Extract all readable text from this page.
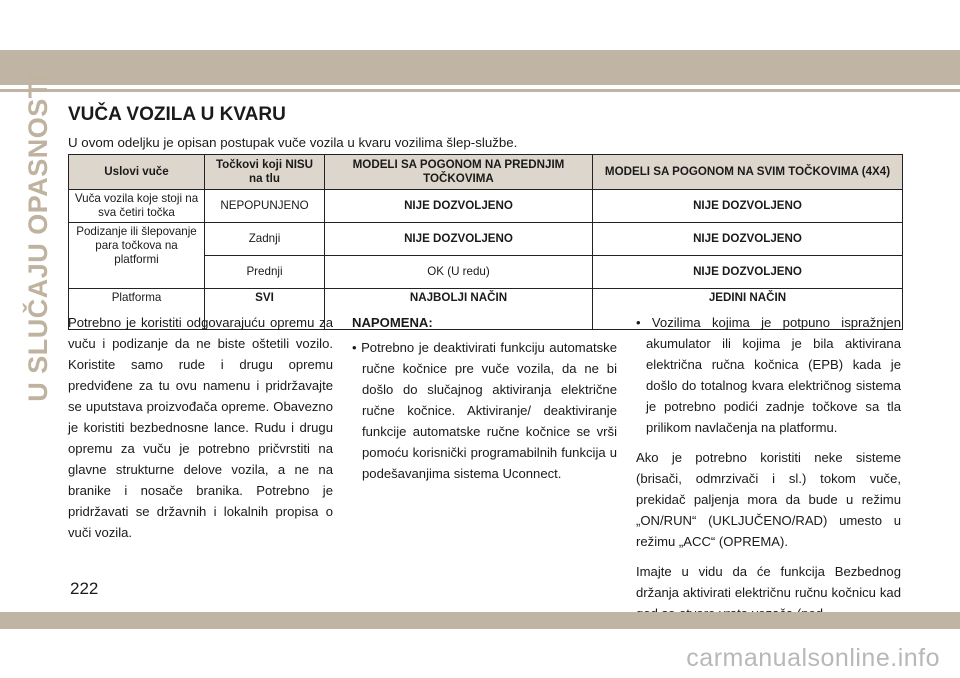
U SLUČAJU OPASNOSTI VUČA VOZILA U KVARU

U ovom odeljku je opisan postupak vuče vozila u kvaru vozilima šlep-službe.

Uslovi vuče	Točkovi koji NISU na tlu	MODELI SA POGONOM NA PREDNJIM TOČKOVIMA	MODELI SA POGONOM NA SVIM TOČKOVIMA (4X4)
Vuča vozila koje stoji na sva četiri točka	NEPOPUNJENO	NIJE DOZVOLJENO	NIJE DOZVOLJENO
Podizanje ili šlepovanje para točkova na platformi	Zadnji	NIJE DOZVOLJENO	NIJE DOZVOLJENO
	Prednji	OK (U redu)	NIJE DOZVOLJENO
Platforma	SVI	NAJBOLJI NAČIN	JEDINI NAČIN

Potrebno je koristiti odgovarajuću opremu za vuču i podizanje da ne biste oštetili vozilo. Koristite samo rude i drugu opremu predviđene za tu ovu namenu i pridržavajte se uputstava proizvođača opreme. Obavezno je koristiti bezbednosne lance. Rudu i drugu opremu za vuču je potrebno pričvrstiti na glavne strukturne delove vozila, a ne na branike i nosače branika. Potrebno je pridržavati se državnih i lokalnih propisa o vuči vozila.

NAPOMENA:

• Potrebno je deaktivirati funkciju automatske ručne kočnice pre vuče vozila, da ne bi došlo do slučajnog aktiviranja električne ručne kočnice. Aktiviranje/ deaktiviranje funkcije automatske ručne kočnice se vrši pomoću korisnički programabilnih funkcija u podešavanjima sistema Uconnect.

• Vozilima kojima je potpuno ispražnjen akumulator ili kojima je bila aktivirana električna ručna kočnica (EPB) kada je došlo do totalnog kvara električnog sistema je potrebno podići zadnje točkove sa tla prilikom navlačenja na platformu.

Ako je potrebno koristiti neke sisteme (brisači, odmrzivači i sl.) tokom vuče, prekidač paljenja mora da bude u režimu „ON/RUN“ (UKLJUČENO/RAD) umesto u režimu „ACC“ (OPREMA).

Imajte u vidu da će funkcija Bezbednog držanja aktivirati električnu ručnu kočnicu kad

222
carmanualsonline.info
